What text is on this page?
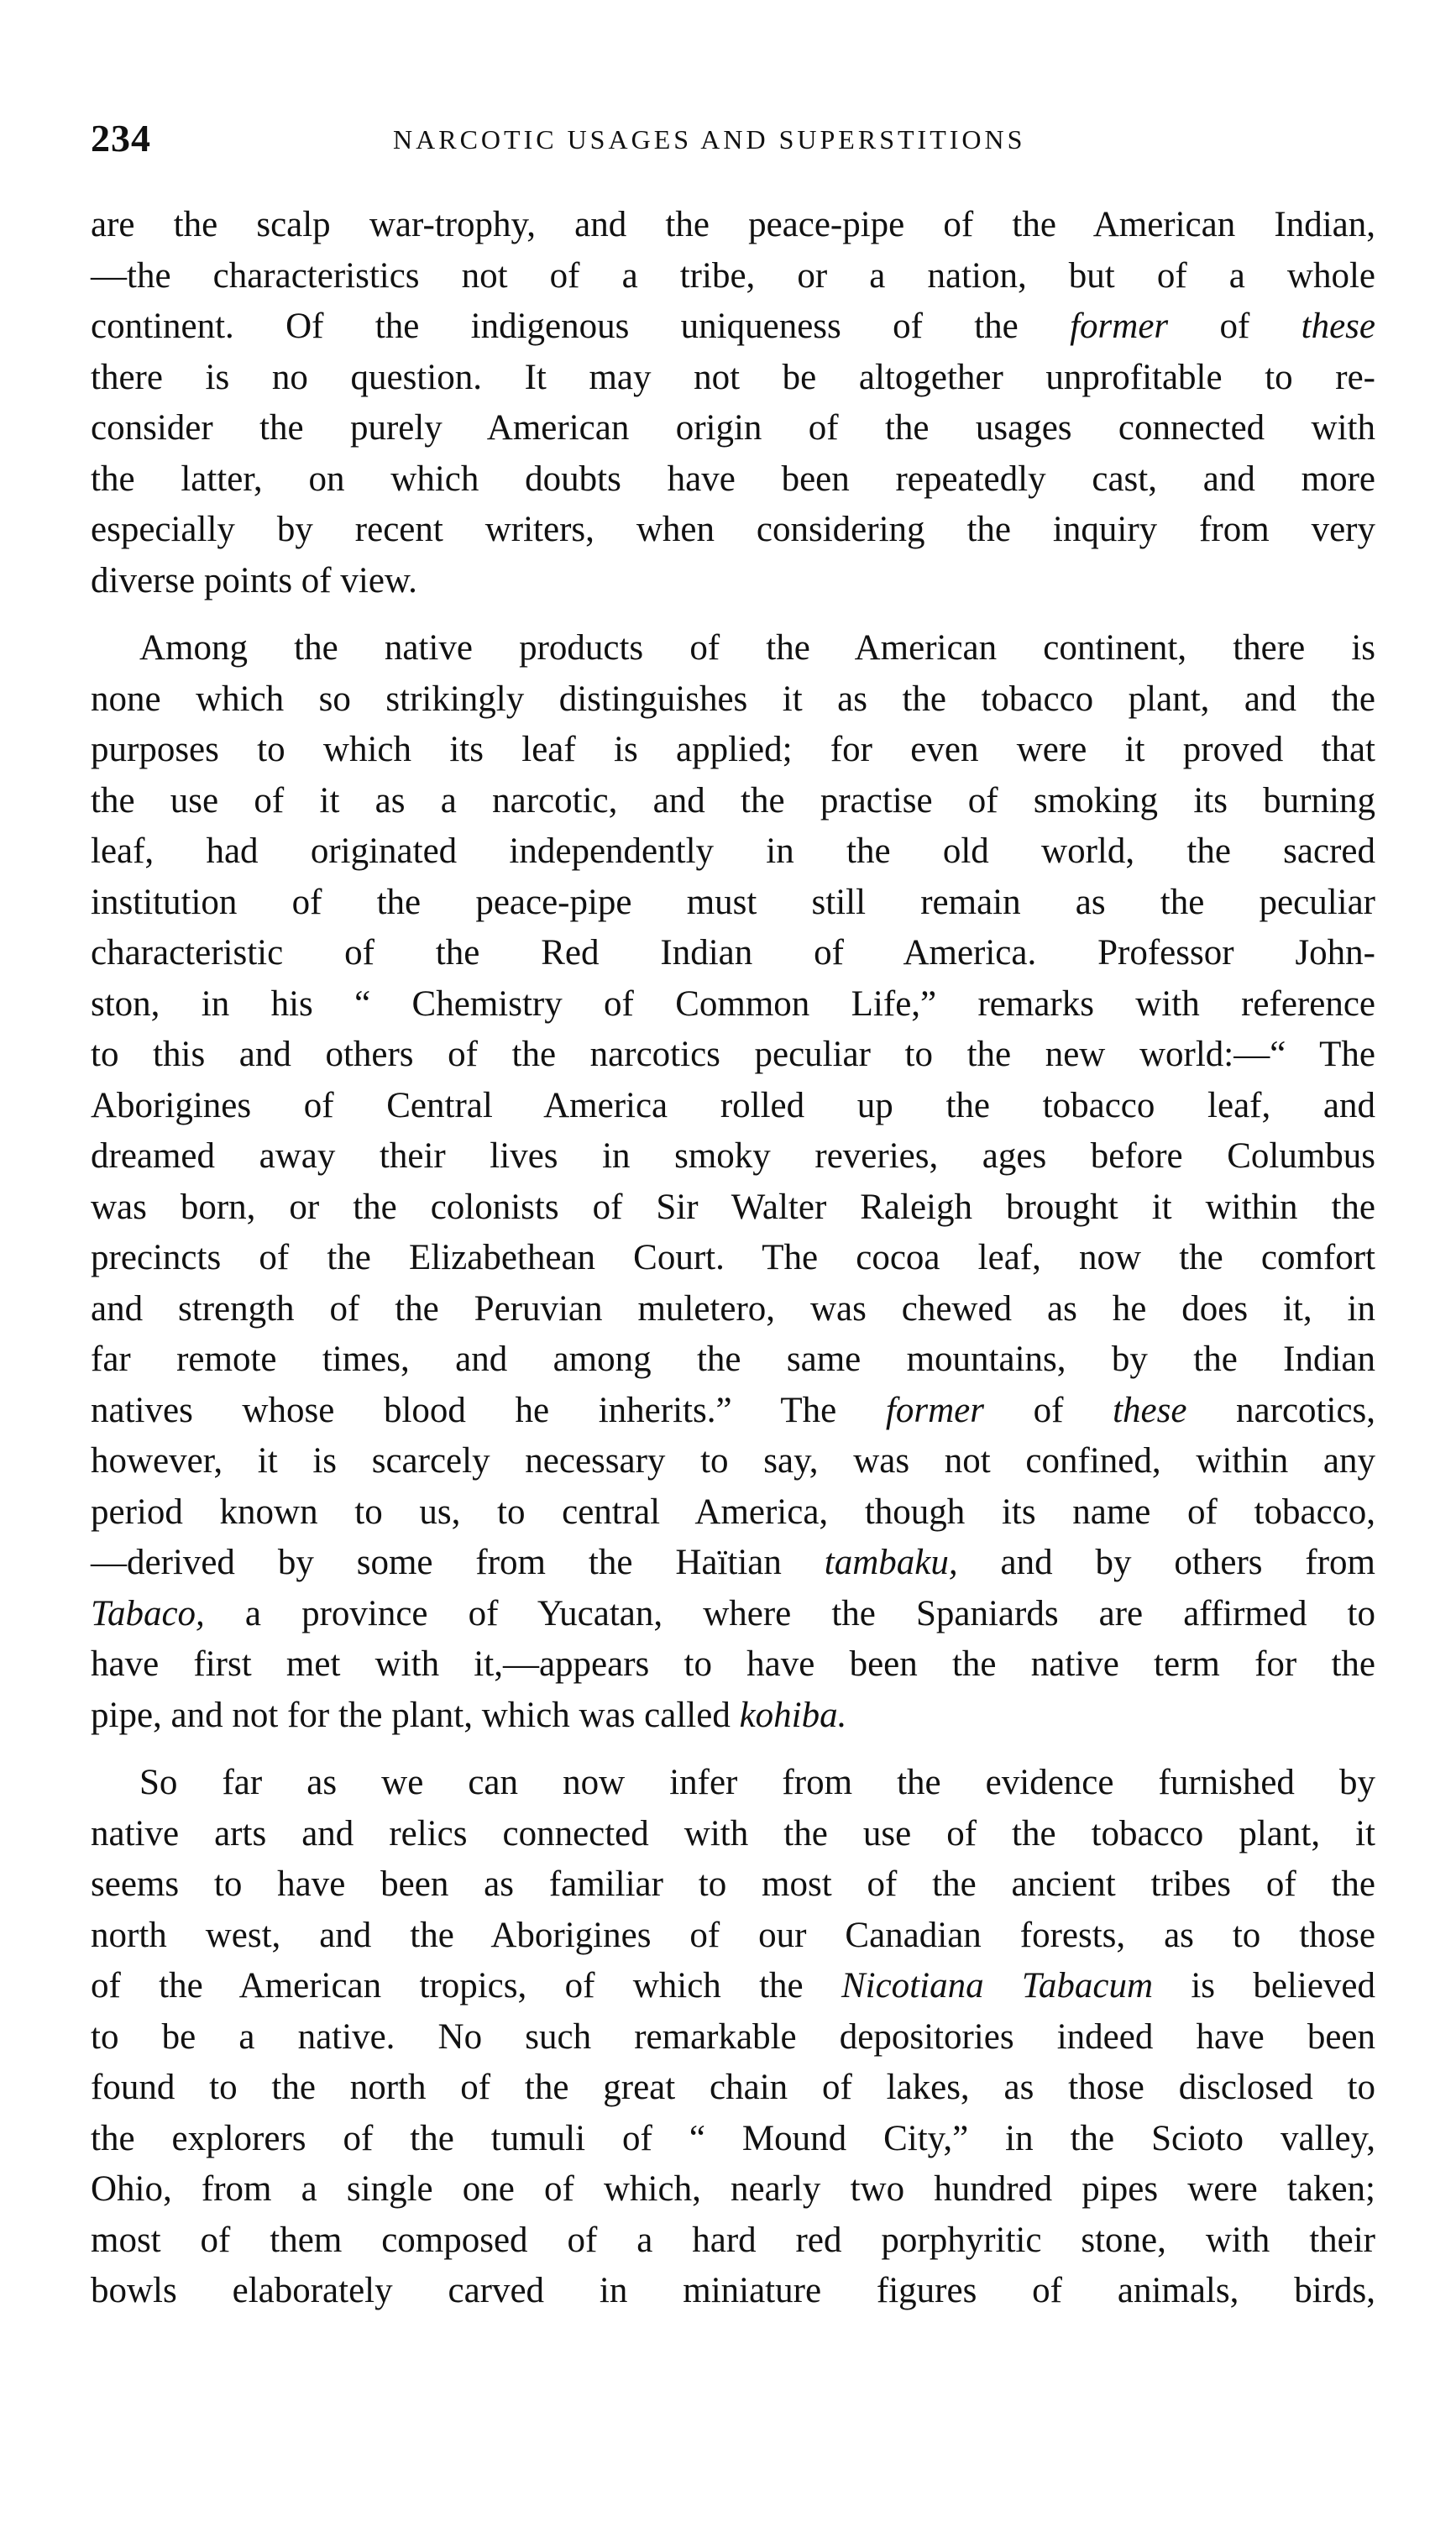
234	NARCOTIC USAGES AND SUPERSTITIONS
are the scalp war-trophy, and the peace-pipe of the American Indian,
—the characteristics not of a tribe, or a nation, but of a whole
continent. Of the indigenous uniqueness of the former of these
there is no question. It may not be altogether unprofitable to re-
consider the purely American origin of the usages connected with
the latter, on which doubts have been repeatedly cast, and more
especially by recent writers, when considering the inquiry from very
diverse points of view.
Among the native products of the American continent, there is
none which so strikingly distinguishes it as the tobacco plant, and the
purposes to which its leaf is applied; for even were it proved that
the use of it as a narcotic, and the practise of smoking its burning
leaf, had originated independently in the old world, the sacred
institution of the peace-pipe must still remain as the peculiar
characteristic of the Red Indian of America. Professor John-
ston, in his “ Chemistry of Common Life,” remarks with reference
to this and others of the narcotics peculiar to the new world:—“ The
Aborigines of Central America rolled up the tobacco leaf, and
dreamed away their lives in smoky reveries, ages before Columbus
was born, or the colonists of Sir Walter Raleigh brought it within the
precincts of the Elizabethean Court. The cocoa leaf, now the comfort
and strength of the Peruvian muletero, was chewed as he does it, in
far remote times, and among the same mountains, by the Indian
natives whose blood he inherits.” The former of these narcotics,
however, it is scarcely necessary to say, was not confined, within any
period known to us, to central America, though its name of tobacco,
—derived by some from the Haïtian tambaku, and by others from
Tabaco, a province of Yucatan, where the Spaniards are affirmed to
have first met with it,—appears to have been the native term for the
pipe, and not for the plant, which was called kohiba.
So far as we can now infer from the evidence furnished by
native arts and relics connected with the use of the tobacco plant, it
seems to have been as familiar to most of the ancient tribes of the
north west, and the Aborigines of our Canadian forests, as to those
of the American tropics, of which the Nicotiana Tabacum is believed
to be a native. No such remarkable depositories indeed have been
found to the north of the great chain of lakes, as those disclosed to
the explorers of the tumuli of “ Mound City,” in the Scioto valley,
Ohio, from a single one of which, nearly two hundred pipes were taken;
most of them composed of a hard red porphyritic stone, with their
bowls elaborately carved in miniature figures of animals, birds,
